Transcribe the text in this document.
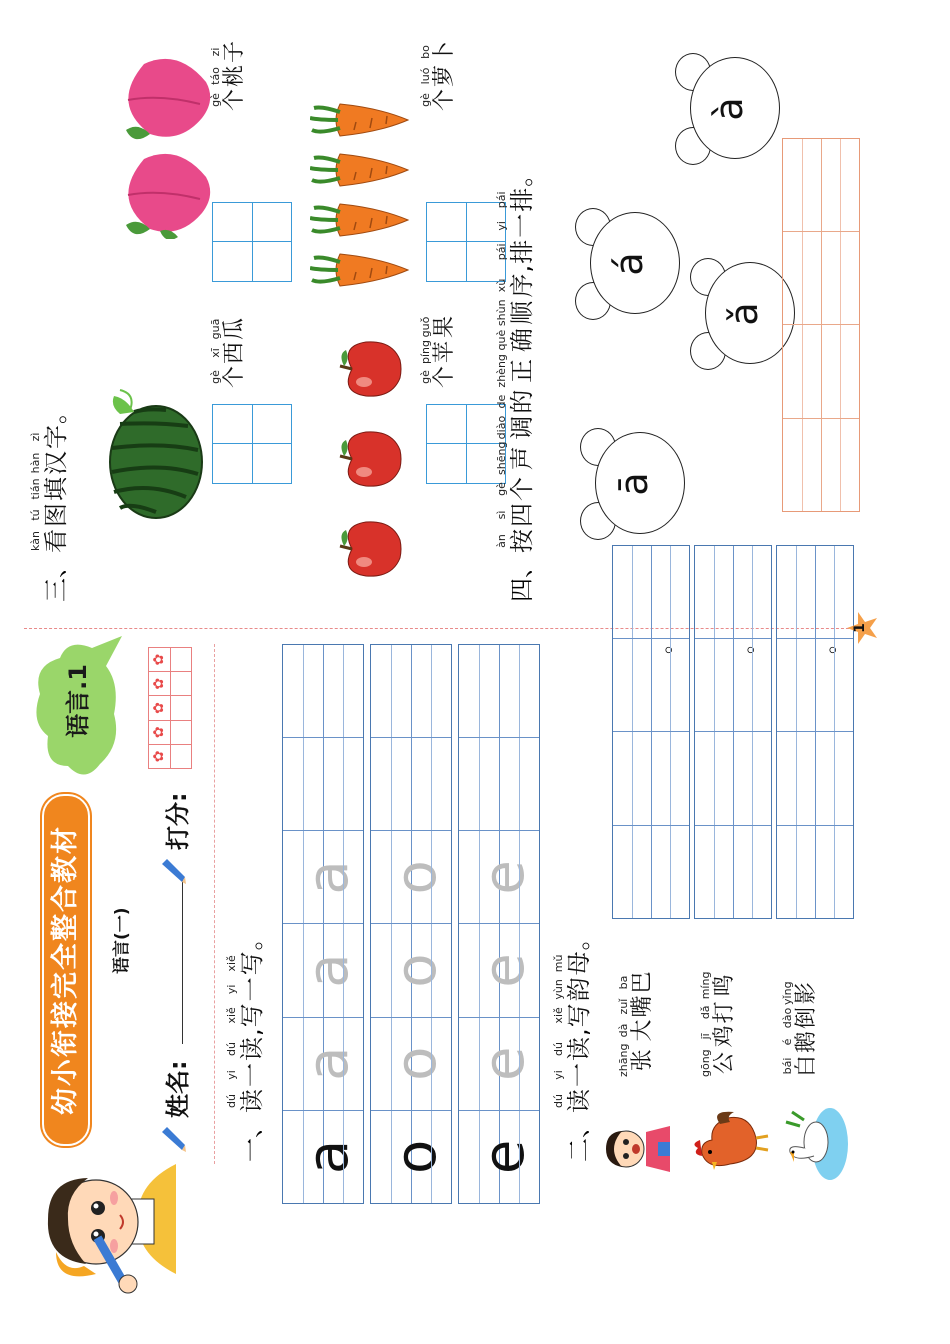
幼小衔接完全整合教材
语言.1
语言(一)
姓名:
打分:
✿
✿
✿
✿
✿
一、
dú 读
yi 一
dú 读
,
xiě 写
yi 一
xiě 写
。
a
a
a
a
o
o
o
o
e
e
e
e
二、
dú 读
yi 一
dú 读
,
xiě 写
yùn 韵
mǔ 母
。
zhāng 张
dà 大
zuǐ 嘴
ba 巴
。
gōng 公
jī 鸡
dǎ 打
míng 鸣
。
bái 白
é 鹅
dào 倒
yǐng 影
。
三、
kàn 看
tú 图
tián 填
hàn 汉
zì 字
。
gè 个
xī 西
guā 瓜
gè 个
táo 桃
zi 子
gè 个
píng 苹
guǒ 果
gè 个
luó 萝
bo 卜
四、
àn 按
sì 四
gè 个
shēng 声
diào 调
de 的
zhèng 正
què 确
shùn 顺
xù 序
,
pái 排
yi 一
pái 排
。
ā
á
ǎ
à
1
